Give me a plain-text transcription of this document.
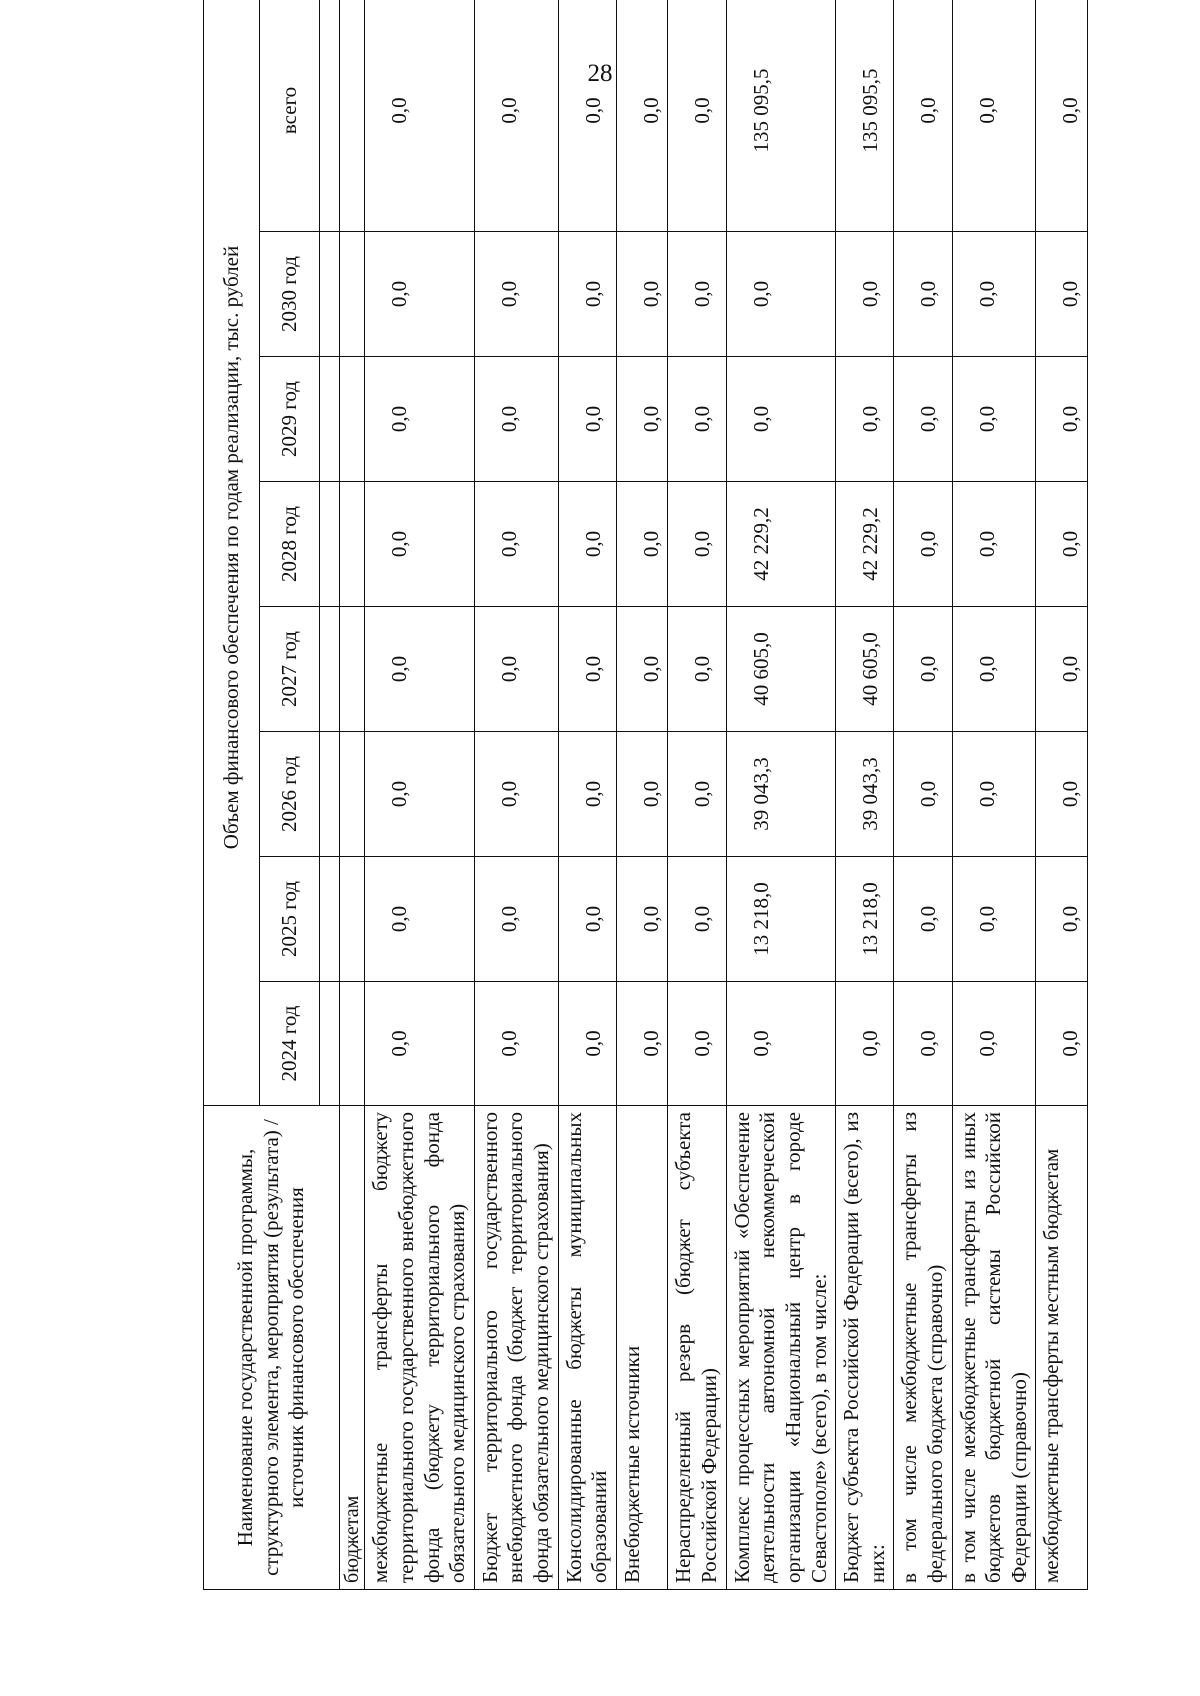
28
Наименование государственной программы, структурного элемента, мероприятия (результата) / источник финансового обеспечения	Объем финансового обеспечения по годам реализации, тыс. рублей							
	2024 год	2025 год	2026 год	2027 год	2028 год	2029 год	2030 год	всего

бюджетам								
межбюджетные трансферты бюджету территориального государственного внебюджетного фонда (бюджету территориального фонда обязательного медицинского страхования)	0,0	0,0	0,0	0,0	0,0	0,0	0,0	0,0
Бюджет территориального государственного внебюджетного фонда (бюджет территориального фонда обязательного медицинского страхования)	0,0	0,0	0,0	0,0	0,0	0,0	0,0	0,0
Консолидированные бюджеты муниципальных образований	0,0	0,0	0,0	0,0	0,0	0,0	0,0	0,0
Внебюджетные источники	0,0	0,0	0,0	0,0	0,0	0,0	0,0	0,0
Нераспределенный резерв (бюджет субъекта Российской Федерации)	0,0	0,0	0,0	0,0	0,0	0,0	0,0	0,0
Комплекс процессных мероприятий «Обеспечение деятельности автономной некоммерческой организации «Национальный центр в городе Севастополе» (всего), в том числе:	0,0	13 218,0	39 043,3	40 605,0	42 229,2	0,0	0,0	135 095,5
Бюджет субъекта Российской Федерации (всего), из них:	0,0	13 218,0	39 043,3	40 605,0	42 229,2	0,0	0,0	135 095,5
в том числе межбюджетные трансферты из федерального бюджета (справочно)	0,0	0,0	0,0	0,0	0,0	0,0	0,0	0,0
в том числе межбюджетные трансферты из иных бюджетов бюджетной системы Российской Федерации (справочно)	0,0	0,0	0,0	0,0	0,0	0,0	0,0	0,0
межбюджетные трансферты местным бюджетам	0,0	0,0	0,0	0,0	0,0	0,0	0,0	0,0
